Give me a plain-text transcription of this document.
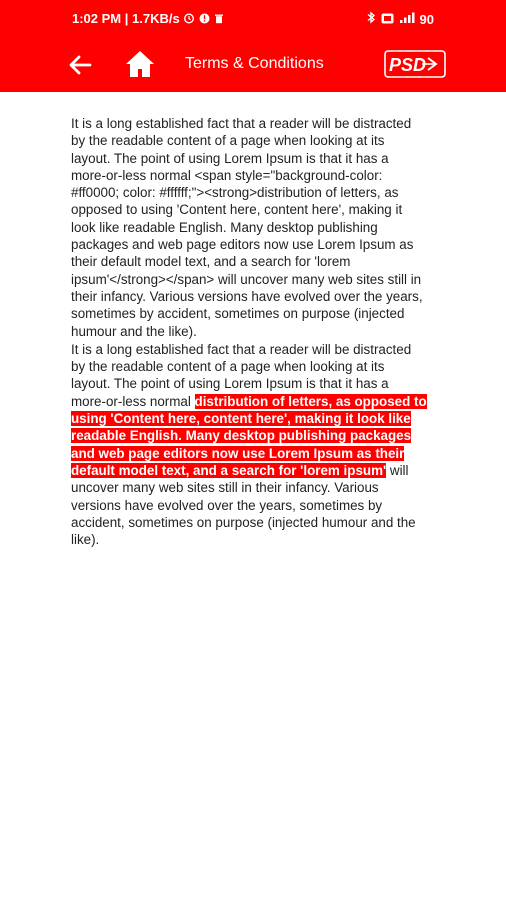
1:02 PM | 1.7KB/s	90
Terms & Conditions	PSD

It is a long established fact that a reader will be distracted by the readable content of a page when looking at its layout. The point of using Lorem Ipsum is that it has a more-or-less normal <span style="background-color: #ff0000; color: #ffffff;"><strong>distribution of letters, as opposed to using 'Content here, content here', making it look like readable English. Many desktop publishing packages and web page editors now use Lorem Ipsum as their default model text, and a search for 'lorem ipsum'</strong></span> will uncover many web sites still in their infancy. Various versions have evolved over the years, sometimes by accident, sometimes on purpose (injected humour and the like).

It is a long established fact that a reader will be distracted by the readable content of a page when looking at its layout. The point of using Lorem Ipsum is that it has a more-or-less normal distribution of letters, as opposed to using 'Content here, content here', making it look like readable English. Many desktop publishing packages and web page editors now use Lorem Ipsum as their default model text, and a search for 'lorem ipsum' will uncover many web sites still in their infancy. Various versions have evolved over the years, sometimes by accident, sometimes on purpose (injected humour and the like).
